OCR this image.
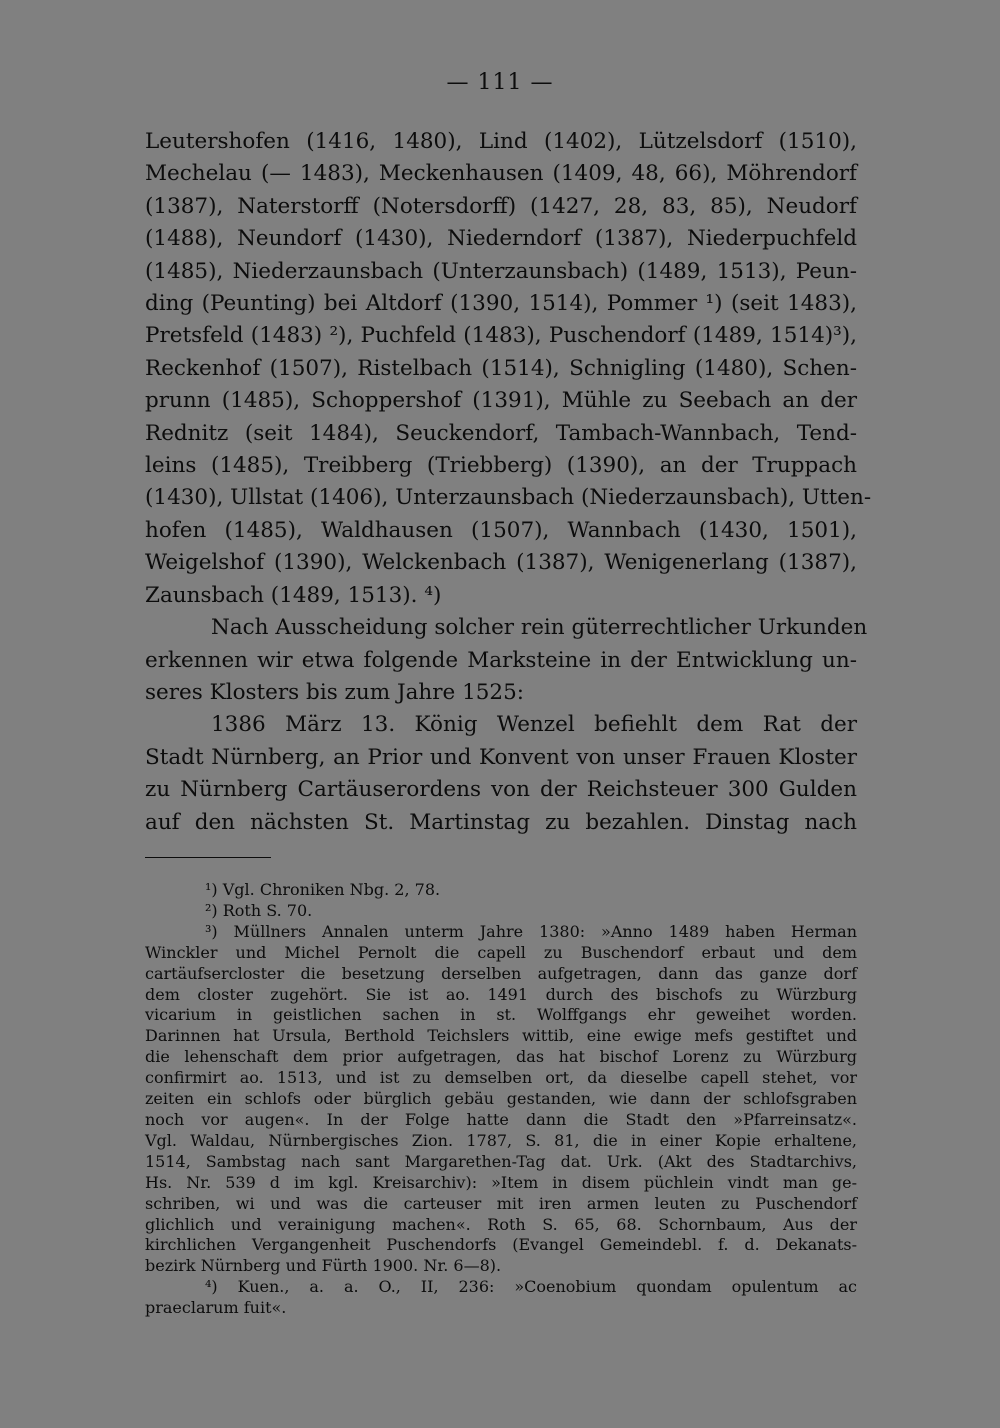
— 111 —
Leutershofen (1416, 1480), Lind (1402), Lützelsdorf (1510),
Mechelau (— 1483), Meckenhausen (1409, 48, 66), Möhrendorf
(1387), Naterstorff (Notersdorff) (1427, 28, 83, 85), Neudorf
(1488), Neundorf (1430), Niederndorf (1387), Niederpuchfeld
(1485), Niederzaunsbach (Unterzaunsbach) (1489, 1513), Peun-
ding (Peunting) bei Altdorf (1390, 1514), Pommer ¹) (seit 1483),
Pretsfeld (1483) ²), Puchfeld (1483), Puschendorf (1489, 1514)³),
Reckenhof (1507), Ristelbach (1514), Schnigling (1480), Schen-
prunn (1485), Schoppershof (1391), Mühle zu Seebach an der
Rednitz (seit 1484), Seuckendorf, Tambach-Wannbach, Tend-
leins (1485), Treibberg (Triebberg) (1390), an der Truppach
(1430), Ullstat (1406), Unterzaunsbach (Niederzaunsbach), Utten-
hofen (1485), Waldhausen (1507), Wannbach (1430, 1501),
Weigelshof (1390), Welckenbach (1387), Wenigenerlang (1387),
Zaunsbach (1489, 1513). ⁴)
Nach Ausscheidung solcher rein güterrechtlicher Urkunden
erkennen wir etwa folgende Marksteine in der Entwicklung un-
seres Klosters bis zum Jahre 1525:
1386 März 13. König Wenzel befiehlt dem Rat der
Stadt Nürnberg, an Prior und Konvent von unser Frauen Kloster
zu Nürnberg Cartäuserordens von der Reichsteuer 300 Gulden
auf den nächsten St. Martinstag zu bezahlen. Dinstag nach
¹) Vgl. Chroniken Nbg. 2, 78.
²) Roth S. 70.
³) Müllners Annalen unterm Jahre 1380: »Anno 1489 haben Herman
Winckler und Michel Pernolt die capell zu Buschendorf erbaut und dem
cartäufsercloster die besetzung derselben aufgetragen, dann das ganze dorf
dem closter zugehört. Sie ist ao. 1491 durch des bischofs zu Würzburg
vicarium in geistlichen sachen in st. Wolffgangs ehr geweihet worden.
Darinnen hat Ursula, Berthold Teichslers wittib, eine ewige mefs gestiftet und
die lehenschaft dem prior aufgetragen, das hat bischof Lorenz zu Würzburg
confirmirt ao. 1513, und ist zu demselben ort, da dieselbe capell stehet, vor
zeiten ein schlofs oder bürglich gebäu gestanden, wie dann der schlofsgraben
noch vor augen«. In der Folge hatte dann die Stadt den »Pfarreinsatz«.
Vgl. Waldau, Nürnbergisches Zion. 1787, S. 81, die in einer Kopie erhaltene,
1514, Sambstag nach sant Margarethen-Tag dat. Urk. (Akt des Stadtarchivs,
Hs. Nr. 539 d im kgl. Kreisarchiv): »Item in disem püchlein vindt man ge-
schriben, wi und was die carteuser mit iren armen leuten zu Puschendorf
glichlich und verainigung machen«. Roth S. 65, 68. Schornbaum, Aus der
kirchlichen Vergangenheit Puschendorfs (Evangel Gemeindebl. f. d. Dekanats-
bezirk Nürnberg und Fürth 1900. Nr. 6—8).
⁴) Kuen., a. a. O., II, 236: »Coenobium quondam opulentum ac
praeclarum fuit«.
